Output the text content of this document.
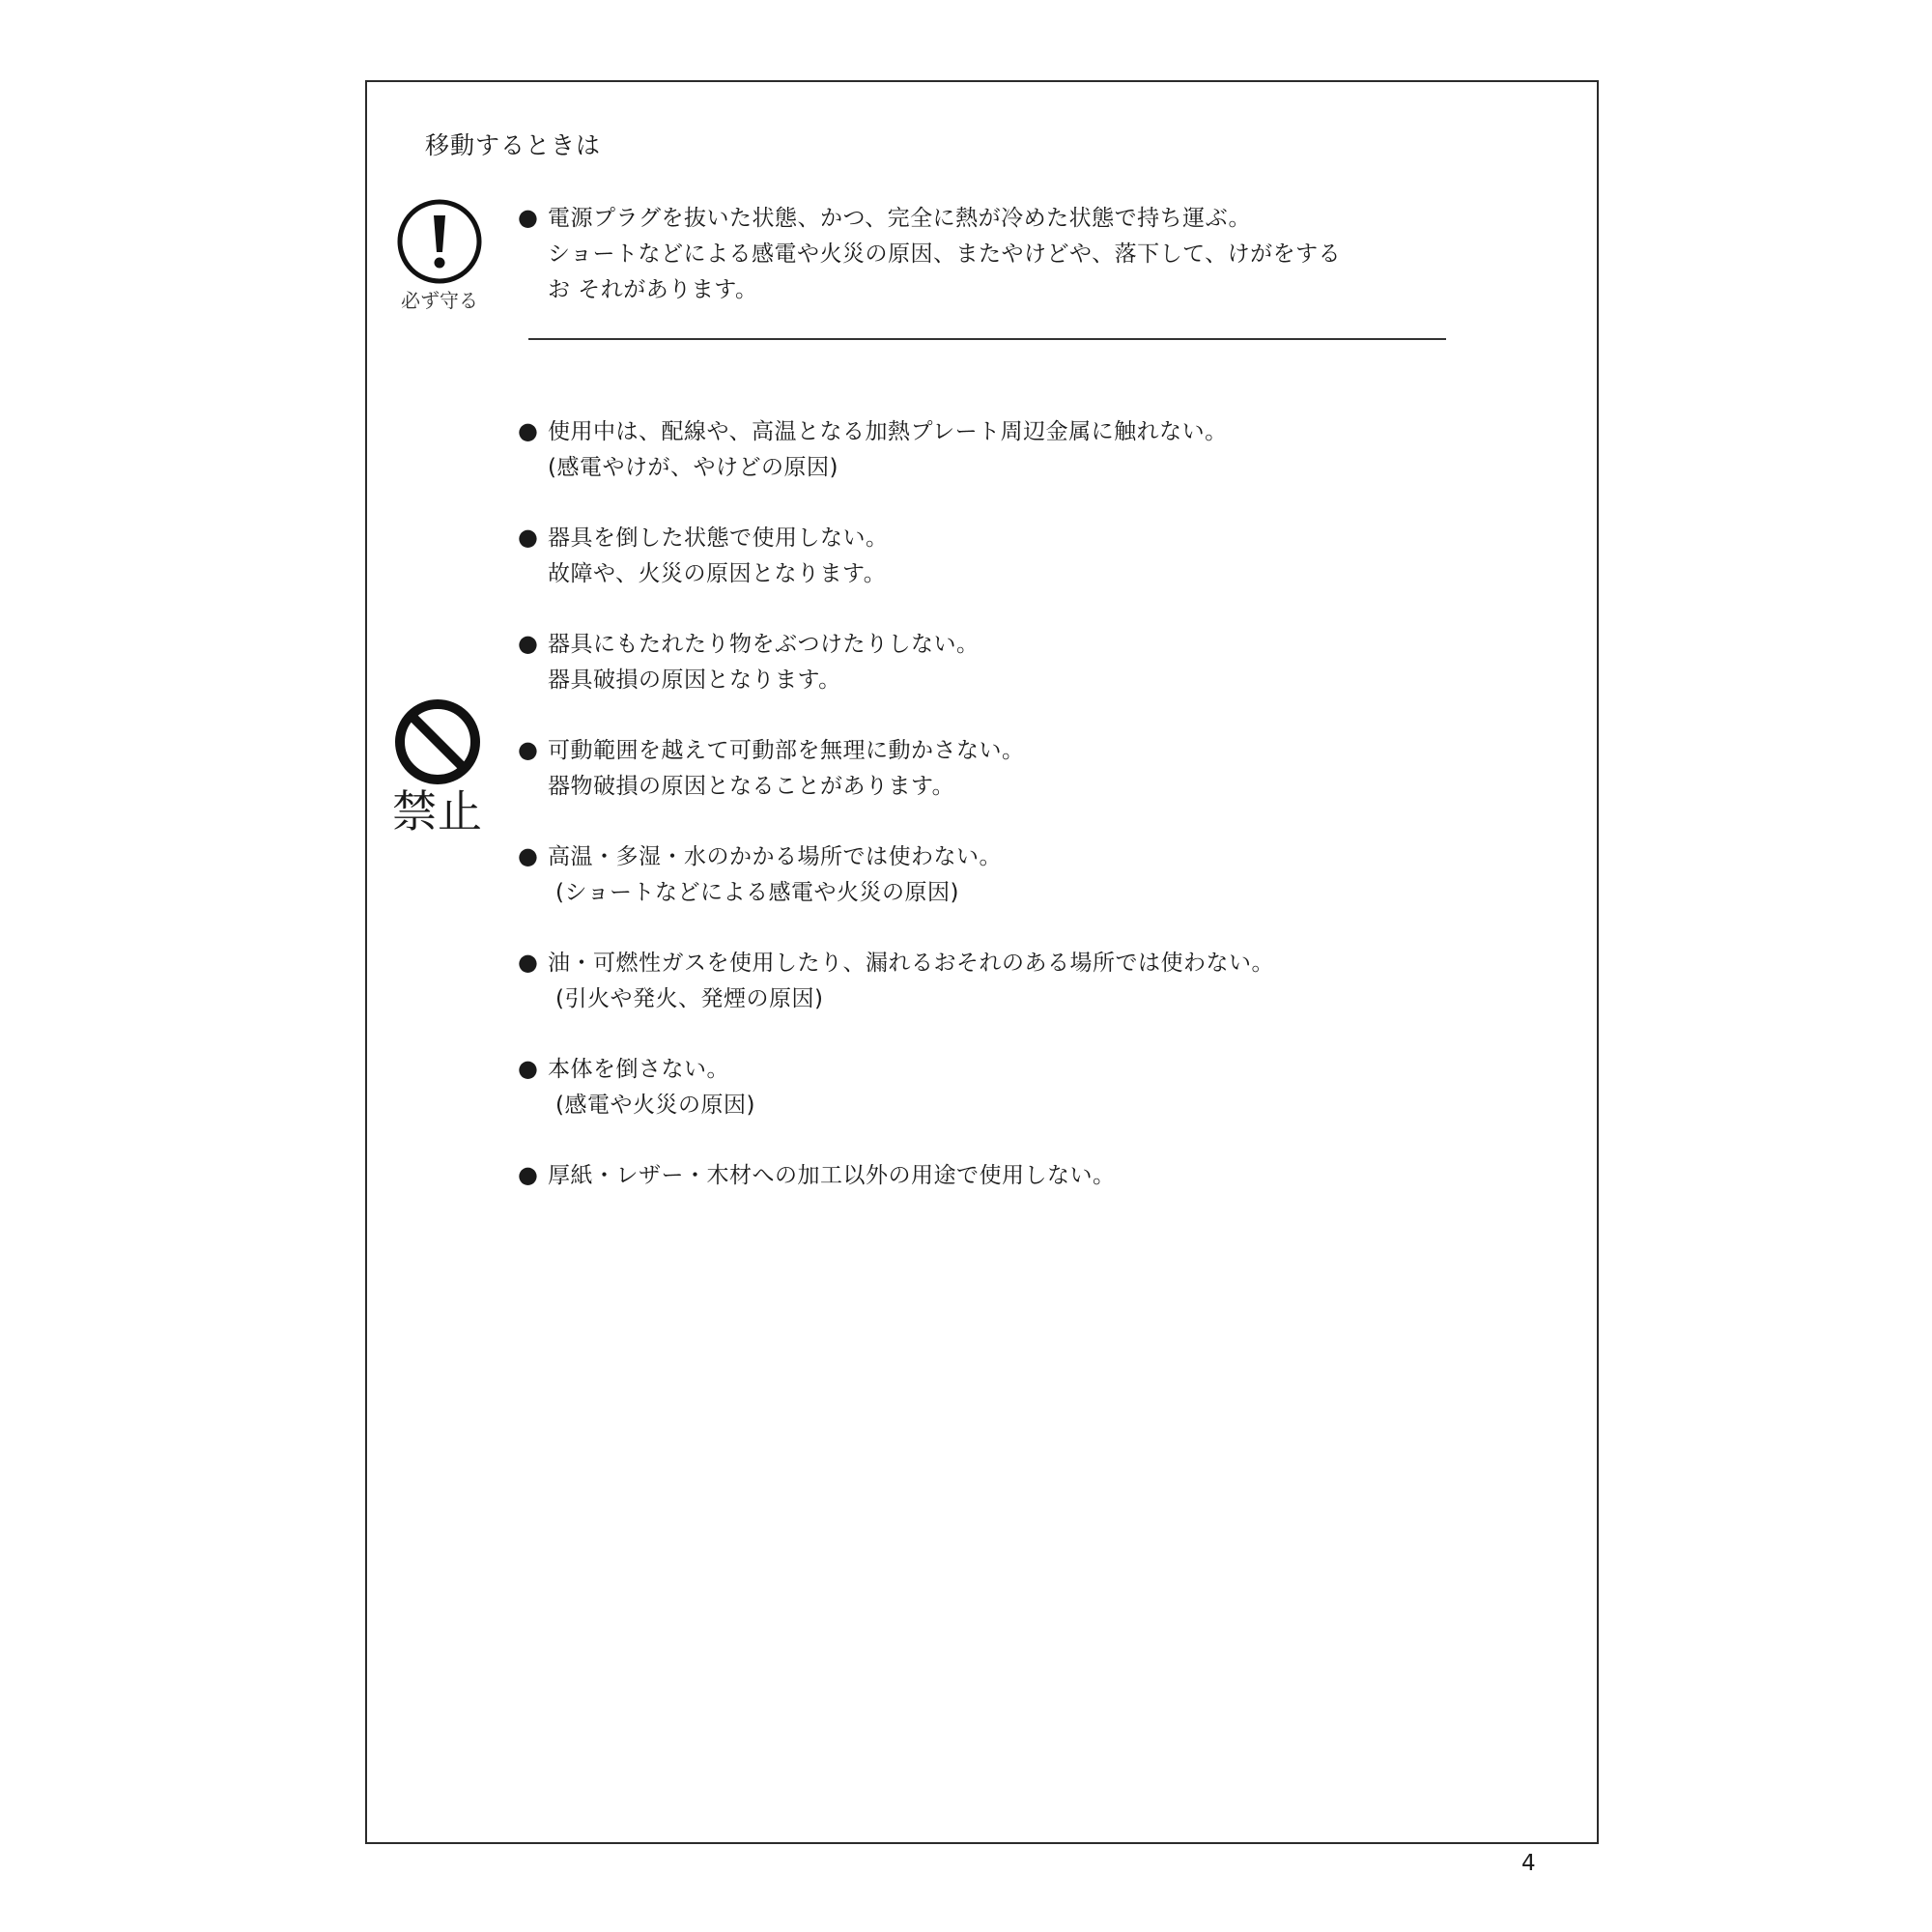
移動するときは
必ず守る
● 電源プラグを抜いた状態、かつ、完全に熱が冷めた状態で持ち運ぶ。
ショートなどによる感電や火災の原因、またやけどや、落下して、けがをする
お それがあります。
禁止
● 使用中は、配線や、高温となる加熱プレート周辺金属に触れない。
(感電やけが、やけどの原因)
● 器具を倒した状態で使用しない。
故障や、火災の原因となります。
● 器具にもたれたり物をぶつけたりしない。
器具破損の原因となります。
● 可動範囲を越えて可動部を無理に動かさない。
器物破損の原因となることがあります。
● 高温・多湿・水のかかる場所では使わない。
(ショートなどによる感電や火災の原因)
● 油・可燃性ガスを使用したり、漏れるおそれのある場所では使わない。
(引火や発火、発煙の原因)
● 本体を倒さない。
(感電や火災の原因)
● 厚紙・レザー・木材への加工以外の用途で使用しない。
4
